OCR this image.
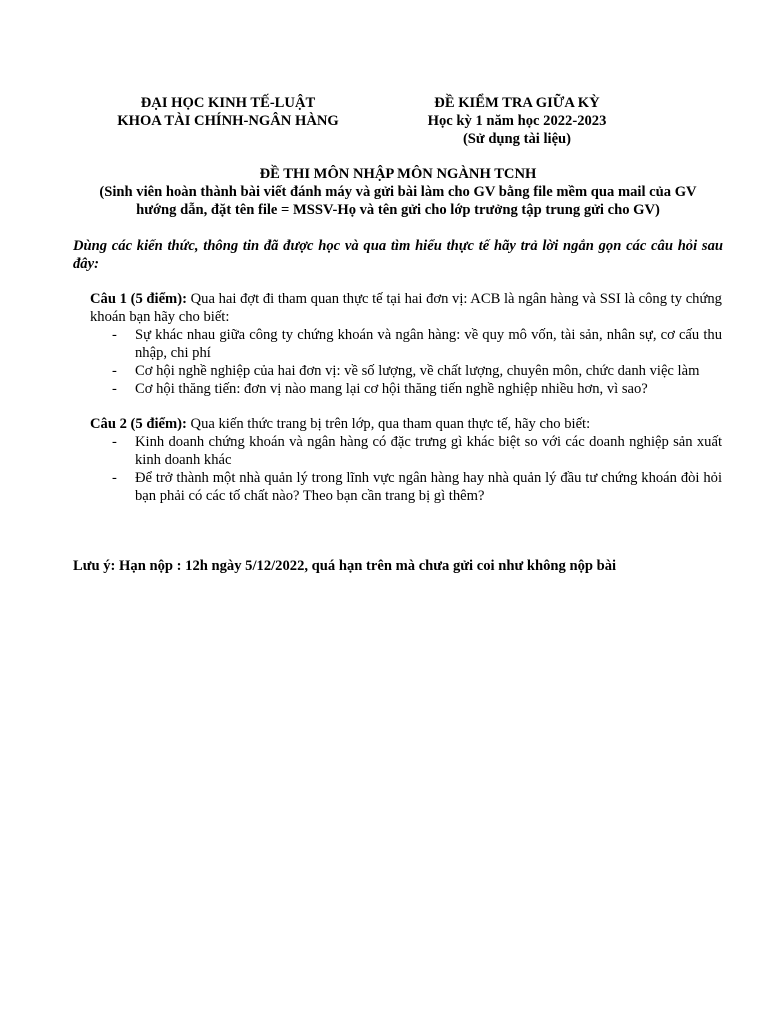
ĐẠI HỌC KINH TẾ-LUẬT
KHOA TÀI CHÍNH-NGÂN HÀNG
ĐỀ KIỂM TRA GIỮA KỲ
Học kỳ 1 năm học 2022-2023
(Sử dụng tài liệu)
ĐỀ THI MÔN NHẬP MÔN NGÀNH TCNH
(Sinh viên hoàn thành bài viết đánh máy và gửi bài làm cho GV bằng file mềm qua mail của GV
hướng dẫn, đặt tên file = MSSV-Họ và tên gửi cho lớp trưởng tập trung gửi cho GV)
Dùng các kiến thức, thông tin đã được học và qua tìm hiểu thực tế hãy trả lời ngắn gọn các câu hỏi sau đây:
Câu 1 (5 điểm): Qua hai đợt đi tham quan thực tế tại hai đơn vị: ACB là ngân hàng và SSI là công ty chứng khoán bạn hãy cho biết:
- Sự khác nhau giữa công ty chứng khoán và ngân hàng: về quy mô vốn, tài sản, nhân sự, cơ cấu thu nhập, chi phí
- Cơ hội nghề nghiệp của hai đơn vị: về số lượng, về chất lượng, chuyên môn, chức danh việc làm
- Cơ hội thăng tiến: đơn vị nào mang lại cơ hội thăng tiến nghề nghiệp nhiều hơn, vì sao?
Câu 2 (5 điểm): Qua kiến thức trang bị trên lớp, qua tham quan thực tế, hãy cho biết:
- Kinh doanh chứng khoán và ngân hàng có đặc trưng gì khác biệt so với các doanh nghiệp sản xuất kinh doanh khác
- Để trở thành một nhà quản lý trong lĩnh vực ngân hàng hay nhà quản lý đầu tư chứng khoán đòi hỏi bạn phải có các tố chất nào? Theo bạn cần trang bị gì thêm?
Lưu ý: Hạn nộp : 12h ngày 5/12/2022, quá hạn trên mà chưa gửi coi như không nộp bài
